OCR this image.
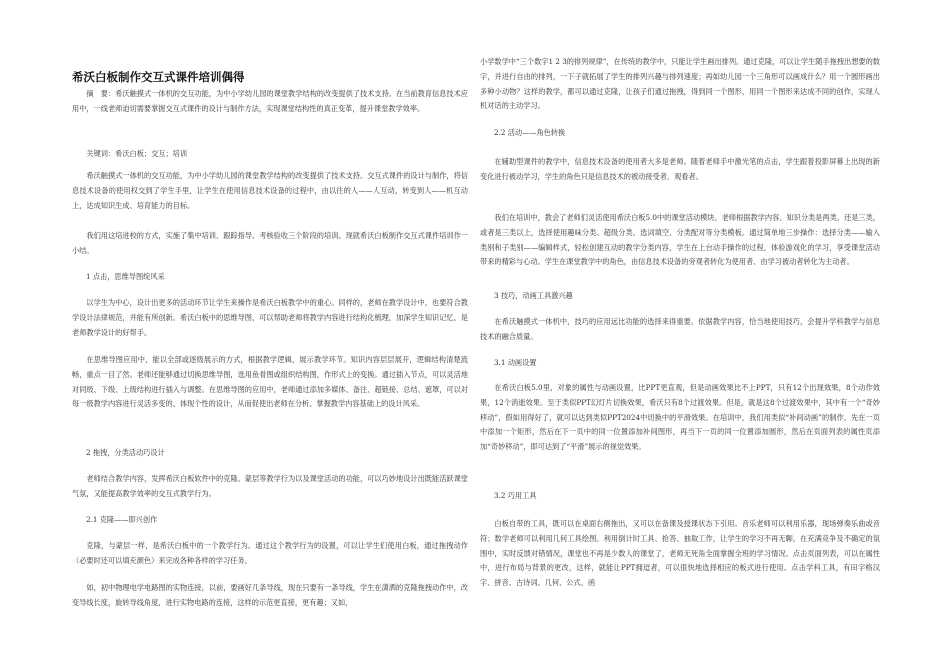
希沃白板制作交互式课件培训偶得

摘　要：希沃触摸式一体机的交互功能，为中小学幼儿园的课堂教学结构的改变提供了技术支持。在当前教育信息技术应用中，一线老师迫切需要掌握交互式课件的设计与制作方法，实现课堂结构性的真正变革，提升课堂教学效率。

关键词：希沃白板；交互；培训

希沃触摸式一体机的交互功能，为中小学幼儿园的课堂教学结构的改变提供了技术支持。交互式课件的设计与制作，将信息技术设备的使用权交到了学生手里，让学生在使用信息技术设备的过程中，由以往的人——人互动，转变到人——机互动上，达成知识生成、培育能力的目标。

我们用这培进校的方式，实施了集中培训、跟踪指导、考核验收三个阶段的培训。现就希沃白板制作交互式课件培训作一小结。

1 点击，思维导图绽风采

以学生为中心，设计出更多的活动环节让学生来操作是希沃白板教学中的重心。同样的，老师在教学设计中，也要符合教学设计法律规范，并能有所创新。希沃白板中的思维导图，可以帮助老师将教学内容进行结构化梳理，加深学生知识记忆，是老师教学设计的好帮手。

在思维导图应用中，能以全部或逐级展示的方式，根据教学逻辑，展示教学环节。知识内容层层展开，逻辑结构清楚流畅，重点一目了然。老师还能够通过切换思维导图，选用鱼骨图或组织结构图，作形式上的变换。通过插入节点，可以灵活地对同级、下级、上级结构进行插入与调整。在思维导图的应用中，老师通过添加多媒体、备注、超链接、总结、遮罩，可以对每一级教学内容进行灵活多变的、体现个性的设计，从而促使出老师在分析、掌握教学内容基础上的设计风采。

2 拖拽，分类活动巧设计

老师结合教学内容，发挥希沃白板软件中的克隆、蒙层等教学行为以及课堂活动的功能，可以巧妙地设计出既能活跃课堂气氛，又能提高教学效率的交互式教学行为。

2.1 克隆——即兴创作

克隆，与蒙层一样，是希沃白板中的一个教学行为。通过这个教学行为的设置，可以让学生们使用白板，通过拖拽动作（必要时还可以填充颜色）来完成各种各样的学习任务。

如，初中物理电学电路图的实物连接，以前，要画好几条导线，现在只要有一条导线，学生在潇洒的克隆拖拽动作中，改变导线长度，旋转导线角度，进行实物电路的连接，这样的示范更直接，更有趣；又如，

小学数学中“三个数字1 2 3的排列规律”，在传统的教学中，只能让学生画出排列。通过克隆，可以让学生随手拖拽出想要的数字，并进行自由的排列，一下子就拓展了学生的排列兴趣与排列速度；再如幼儿园一个三角形可以画成什么？用一个圆形画出多种小动物？这样的教学，都可以通过克隆，让孩子们通过拖拽，得到同一个图形，用同一个图形来达成不同的创作，实现人机对话的主动学习。

2.2 活动——角色转换

在辅助型课件的教学中，信息技术设备的使用者大多是老师。随着老师手中激光笔的点击，学生跟着投影屏幕上出现的新变化进行被动学习，学生的角色只是信息技术的被动接受者、观看者。

我们在培训中，教会了老师们灵活使用希沃白板5.0中的课堂活动模块。老师根据教学内容、知识分类是两类、还是三类，或者是三类以上，选择使用趣味分类、超级分类、选词填空、分类配对等分类模板。通过简单地三步操作：选择分类——输入类别和子类别——编辑样式，轻松创建互动的教学分类内容，学生在上台动手操作的过程，体验游戏化的学习，享受课堂活动带来的精彩与心动。学生在课堂教学中的角色，由信息技术设备的旁观者转化为使用者、由学习被动者转化为主动者。

3 技巧，动画工具激兴趣

在希沃触摸式一体机中，技巧的应用远比功能的选择来得重要。依据教学内容，恰当地使用技巧，会提升学科教学与信息技术的融合质量。

3.1 动画设置

在希沃白板5.0里，对象的属性与动画设置，比PPT更直观，但是动画效果比不上PPT，只有12个出现效果，8个动作效果，12个消逝效果。至于类似PPT幻灯片切换效果，希沃只有8个过渡效果。但是，就是这8个过渡效果中，其中有一个“奇妙移动”，假如用得好了，就可以达到类似PPT2024中切换中的平滑效果。在培训中，我们用类似“补间动画”的制作，先在一页中添加一个矩形，然后在下一页中的同一位置添加补间图形，再当下一页的同一位置添加圆形，然后在页面列表的属性页添加“奇妙移动”，即可达到了“平滑”展示的视觉效果。

3.2 巧用工具

白板自带的工具，既可以在桌面右侧拖出，又可以在备课及授课状态下引用。音乐老师可以利用乐器，现场弹奏乐曲或音符；数学老师可以利用几何工具绘图。利用倒计时工具、抢答、抽取工作，让学生的学习不再无聊，在充满竞争及不确定的氛围中，实时反馈对错情况，课堂也不再是少数人的课堂了，老师无死角全面掌握全班的学习情况。点击页面列表，可以在属性中，进行布局与背景的更改，这样，就能让PPT拥逗者，可以很快地选择相应的板式进行使用。点击学科工具，有田字格汉字、拼音、古诗词、几何、公式、函
